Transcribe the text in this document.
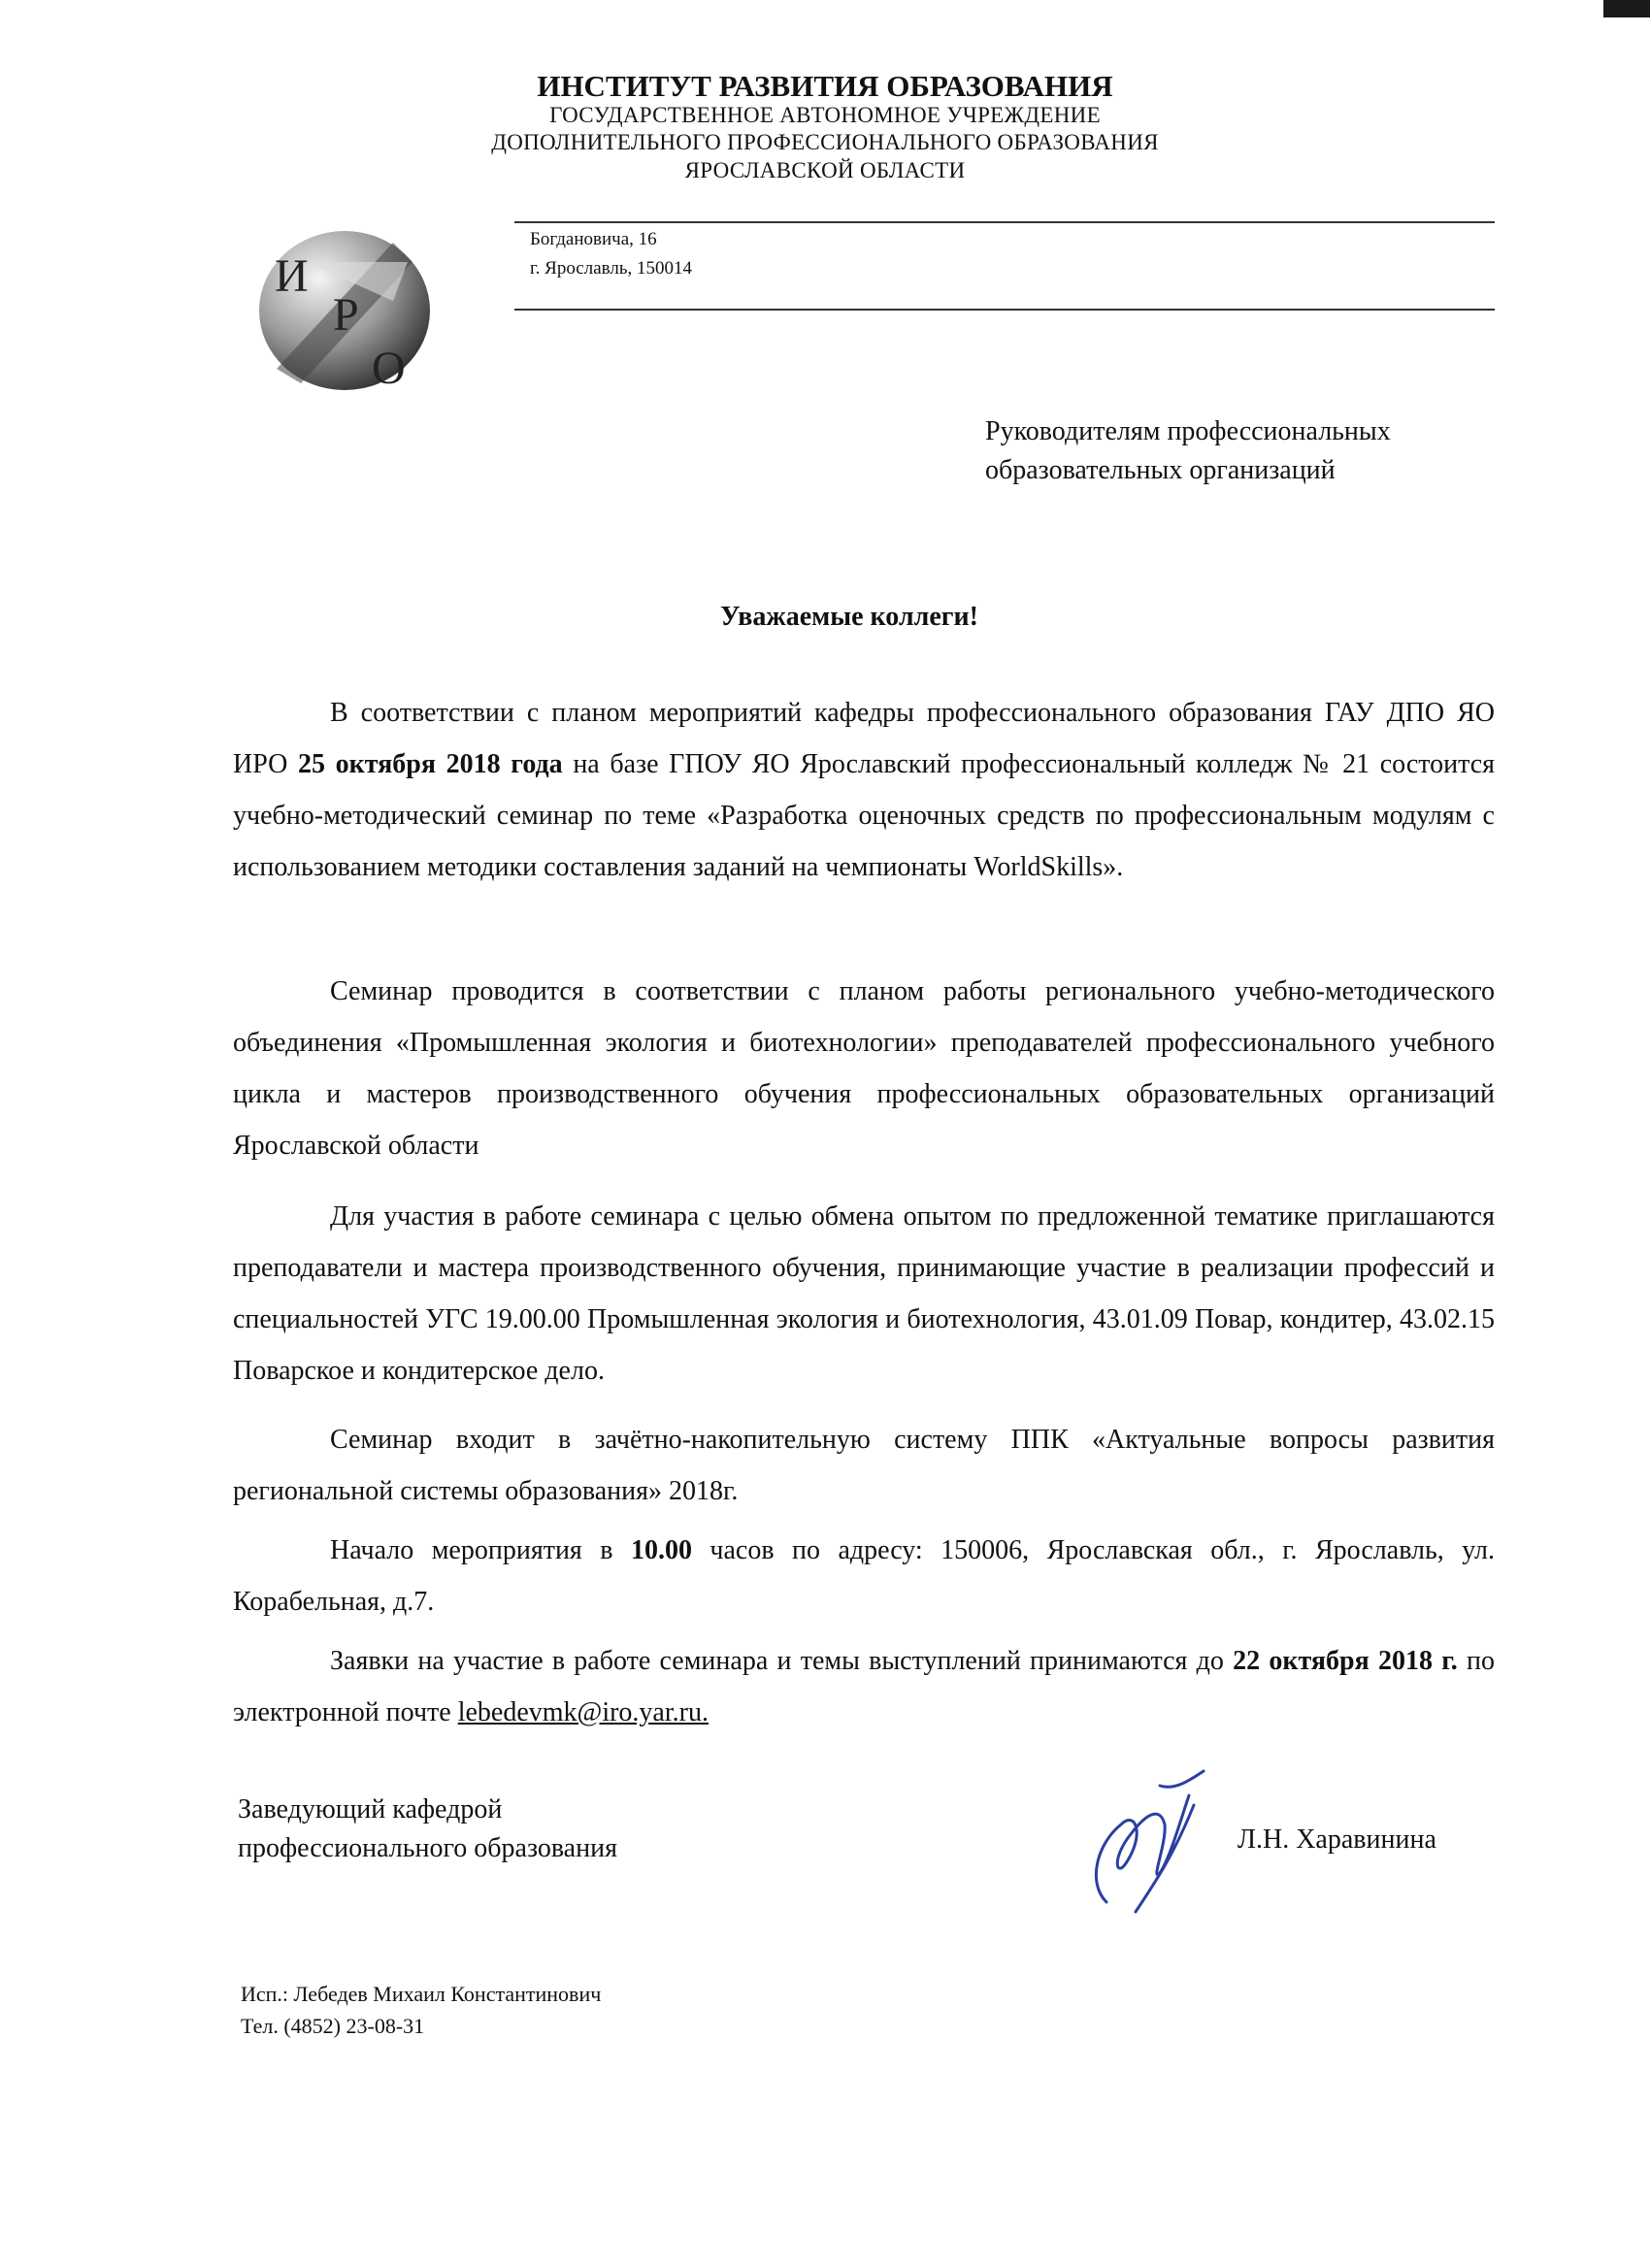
ИНСТИТУТ РАЗВИТИЯ ОБРАЗОВАНИЯ
ГОСУДАРСТВЕННОЕ АВТОНОМНОЕ УЧРЕЖДЕНИЕ
ДОПОЛНИТЕЛЬНОГО ПРОФЕССИОНАЛЬНОГО ОБРАЗОВАНИЯ
ЯРОСЛАВСКОЙ ОБЛАСТИ
И
Р
О
Богдановича, 16
г. Ярославль, 150014
Руководителям профессиональных
образовательных организаций
Уважаемые коллеги!

В соответствии с планом мероприятий кафедры профессионального образования ГАУ ДПО ЯО ИРО 25 октября 2018 года на базе ГПОУ ЯО Ярославский профессиональный колледж № 21 состоится учебно-методический семинар по теме «Разработка оценочных средств по профессиональным модулям с использованием методики составления заданий на чемпионаты WorldSkills».

Семинар проводится в соответствии с планом работы регионального учебно-методического объединения «Промышленная экология и биотехнологии» преподавателей профессионального учебного цикла и мастеров производственного обучения профессиональных образовательных организаций Ярославской области

Для участия в работе семинара с целью обмена опытом по предложенной тематике приглашаются преподаватели и мастера производственного обучения, принимающие участие в реализации профессий и специальностей УГС 19.00.00 Промышленная экология и биотехнология, 43.01.09 Повар, кондитер, 43.02.15 Поварское и кондитерское дело.

Семинар входит в зачётно-накопительную систему ППК «Актуальные вопросы развития региональной системы образования» 2018г.

Начало мероприятия в 10.00 часов по адресу: 150006, Ярославская обл., г. Ярославль, ул. Корабельная, д.7.

Заявки на участие в работе семинара и темы выступлений принимаются до 22 октября 2018 г. по электронной почте lebedevmk@iro.yar.ru.

Заведующий кафедрой
профессионального образования	Л.Н. Харавинина
Исп.: Лебедев Михаил Константинович
Тел. (4852) 23-08-31
